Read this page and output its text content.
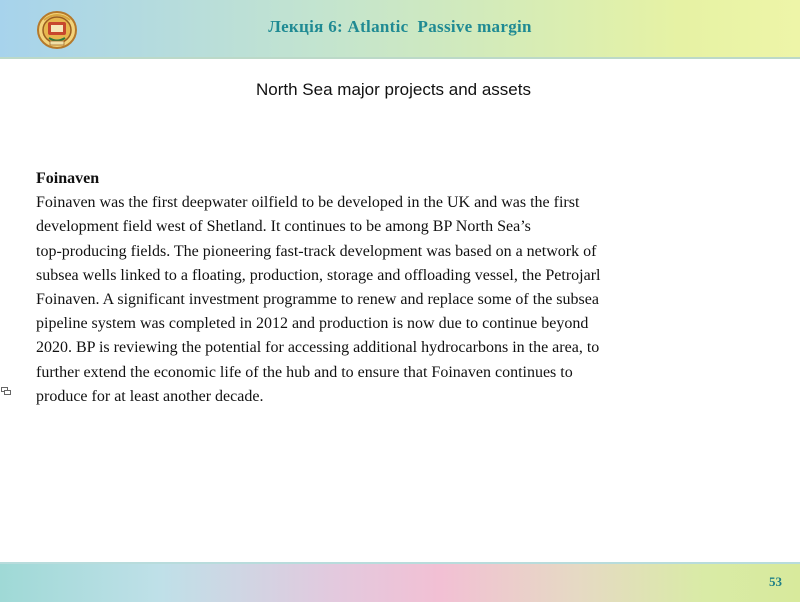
Лекція 6: Atlantic  Passive margin
North Sea major projects and assets
Foinaven
Foinaven was the first deepwater oilfield to be developed in the UK and was the first
development field west of Shetland. It continues to be among BP North Sea’s
top-producing fields. The pioneering fast-track development was based on a network of
subsea wells linked to a floating, production, storage and offloading vessel, the Petrojarl
Foinaven. A significant investment programme to renew and replace some of the subsea
pipeline system was completed in 2012 and production is now due to continue beyond
2020. BP is reviewing the potential for accessing additional hydrocarbons in the area, to
further extend the economic life of the hub and to ensure that Foinaven continues to
produce for at least another decade.
53
